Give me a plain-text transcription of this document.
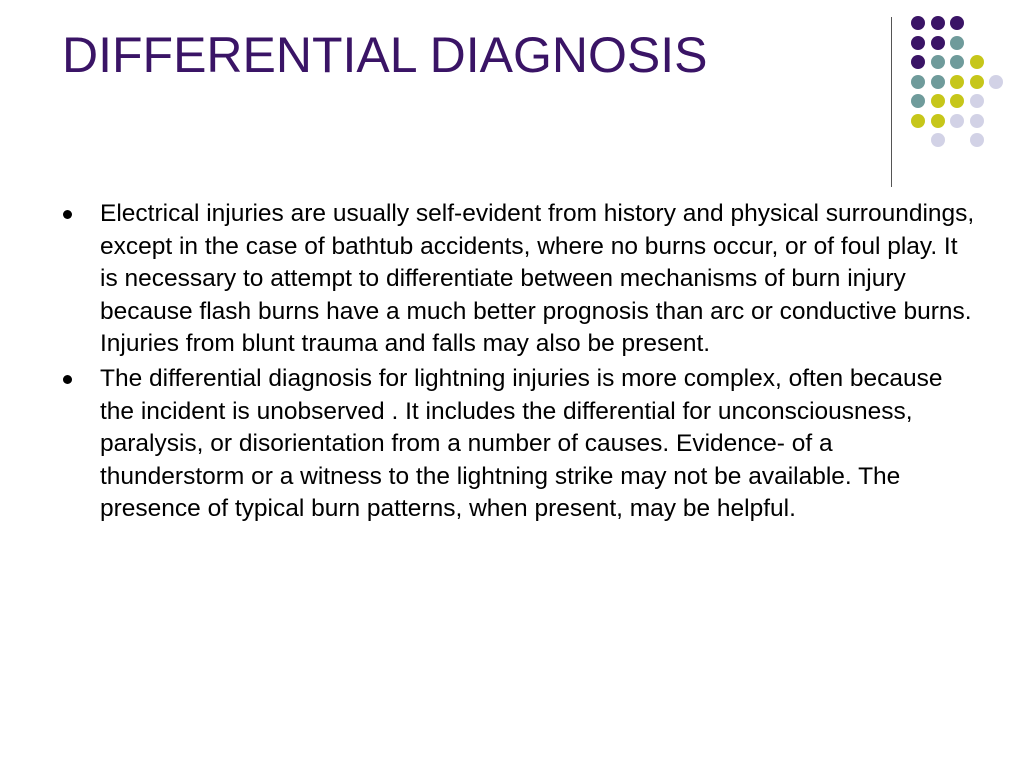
DIFFERENTIAL DIAGNOSIS
Electrical injuries are usually self-evident from history and physical surroundings, except in the case of bathtub accidents, where no burns occur, or of foul play. It is necessary to attempt to differentiate between mechanisms of burn injury because flash burns have a much better prognosis than arc or conductive burns. Injuries from blunt trauma and falls may also be present.
The differential diagnosis for lightning injuries is more complex, often because the incident is unobserved . It includes the differential for unconsciousness, paralysis, or disorientation from a number of causes. Evidence- of a thunderstorm or a witness to the lightning strike may not be available. The presence of typical burn patterns, when present, may be helpful.
